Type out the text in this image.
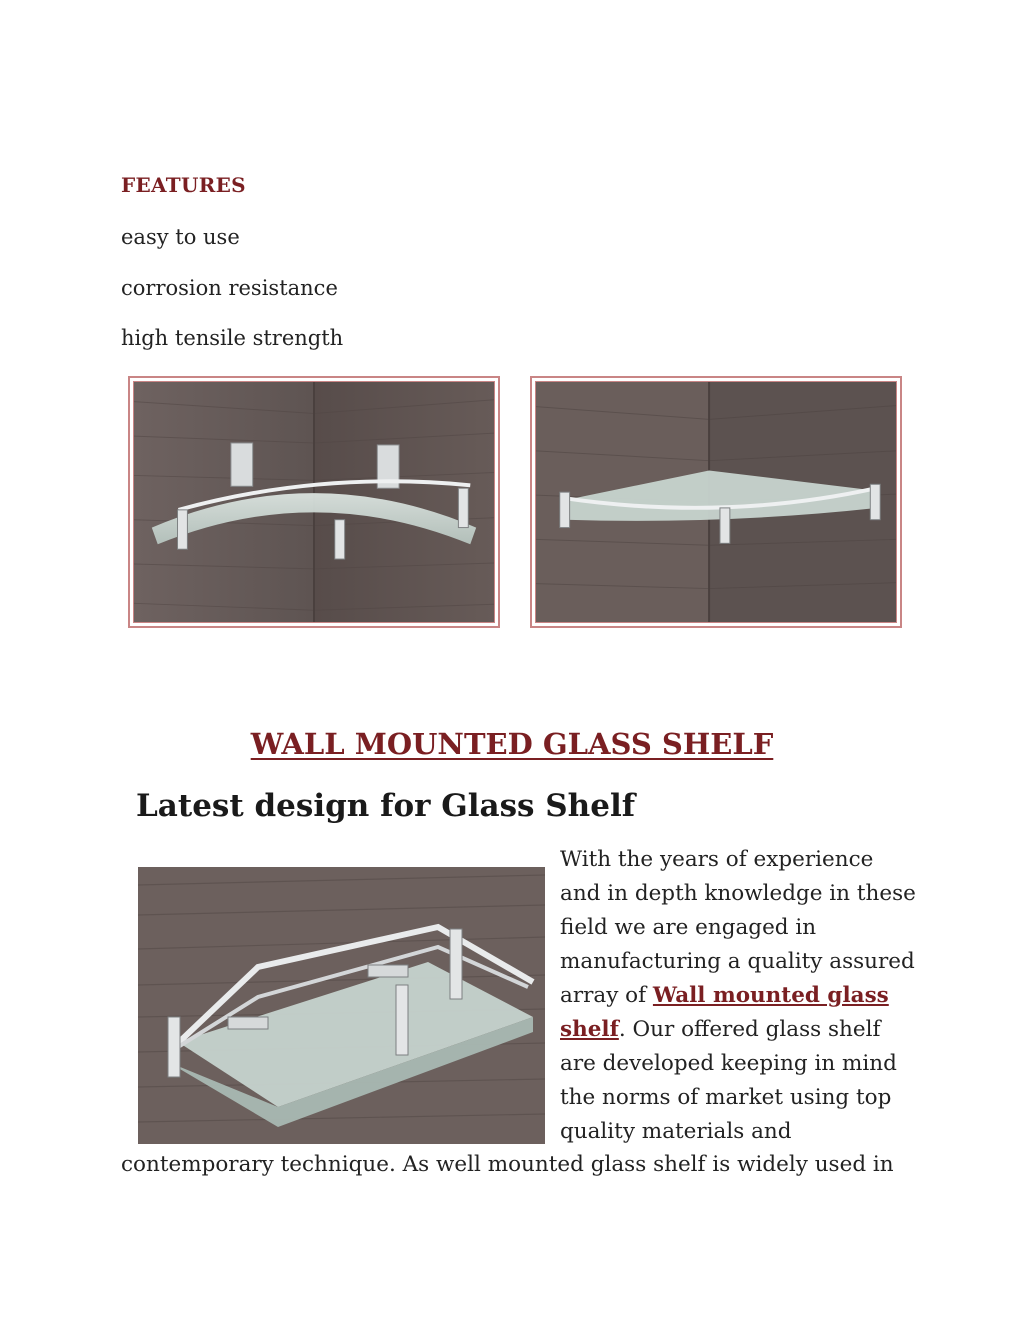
FEATURES
easy to use
corrosion resistance
high tensile strength
WALL MOUNTED GLASS SHELF
Latest design for Glass Shelf
With the years of experience and in depth knowledge in these field we are engaged in manufacturing a quality assured array of Wall mounted glass shelf. Our offered glass shelf are developed keeping in mind the norms of market using top quality materials and
contemporary technique. As well mounted glass shelf is widely used in
